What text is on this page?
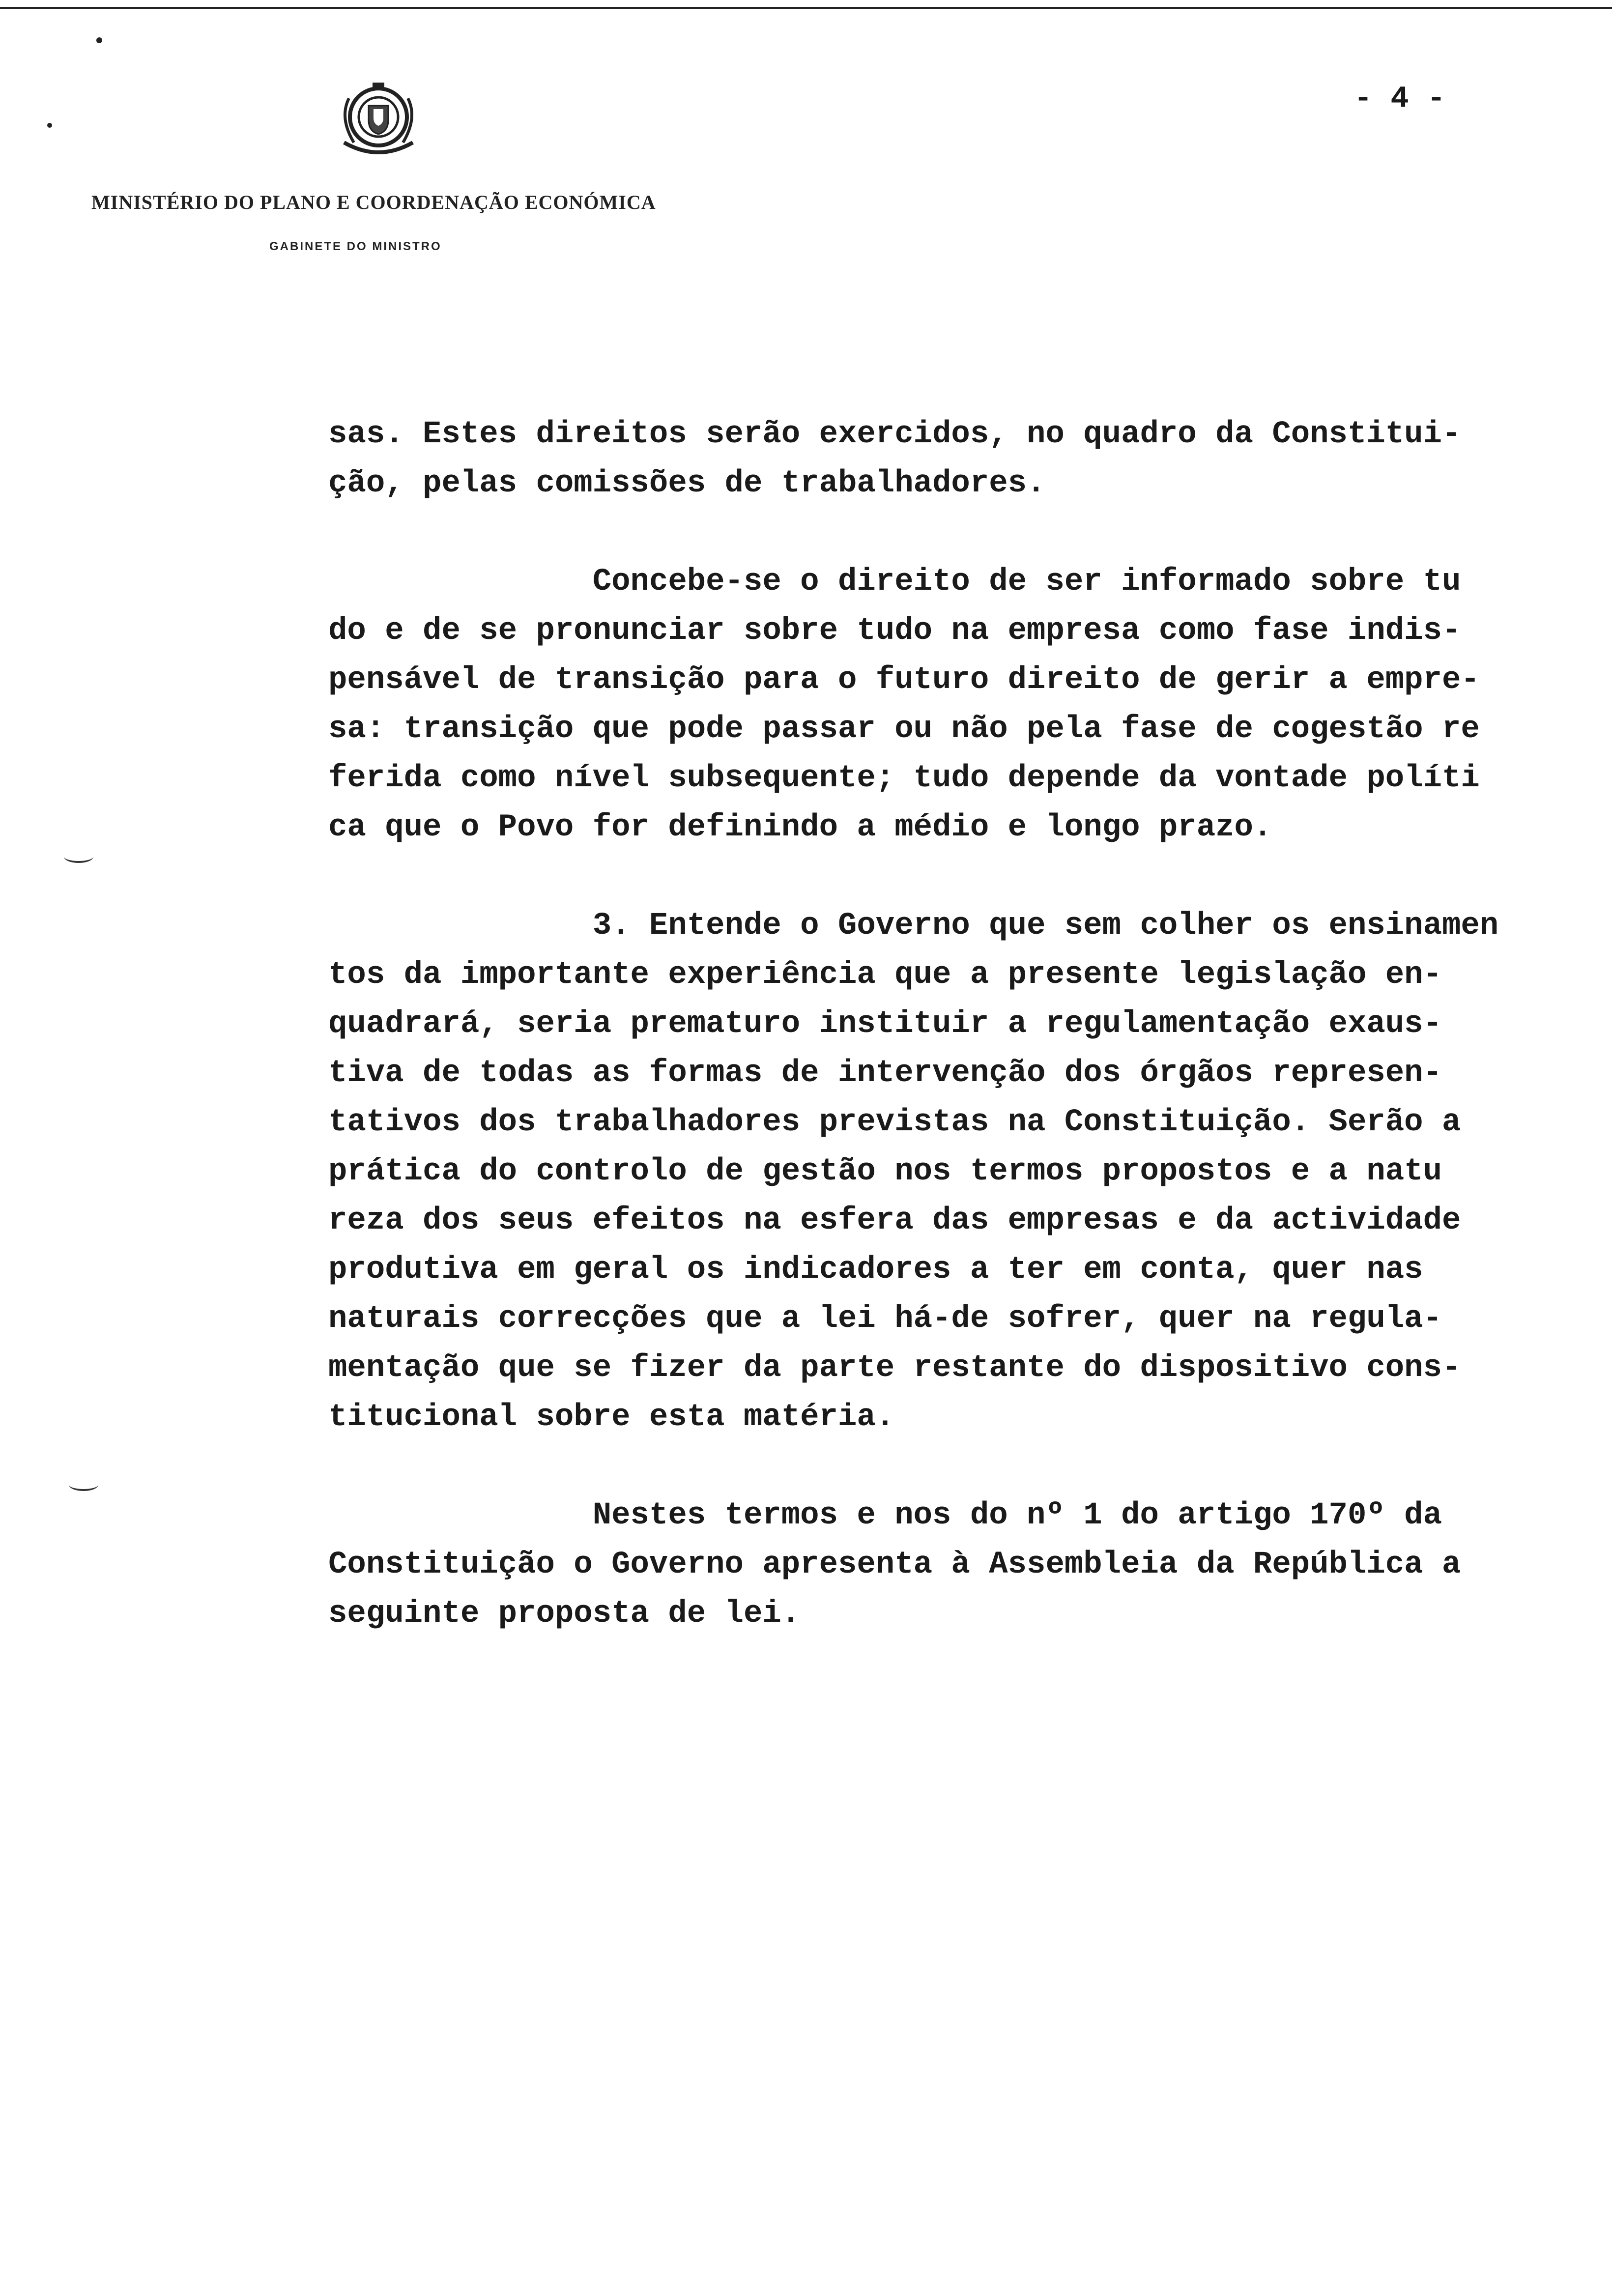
MINISTÉRIO DO PLANO E COORDENAÇÃO ECONÓMICA
GABINETE DO MINISTRO
- 4 -
sas. Estes direitos serão exercidos, no quadro da Constitui-
ção, pelas comissões de trabalhadores.
Concebe-se o direito de ser informado sobre tu
do e de se pronunciar sobre tudo na empresa como fase indis-
pensável de transição para o futuro direito de gerir a empre-
sa: transição que pode passar ou não pela fase de cogestão re
ferida como nível subsequente; tudo depende da vontade políti
ca que o Povo for definindo a médio e longo prazo.
3. Entende o Governo que sem colher os ensinamen
tos da importante experiência que a presente legislação en-
quadrará, seria prematuro instituir a regulamentação exaus-
tiva de todas as formas de intervenção dos órgãos represen-
tativos dos trabalhadores previstas na Constituição. Serão a
prática do controlo de gestão nos termos propostos e a natu
reza dos seus efeitos na esfera das empresas e da actividade
produtiva em geral os indicadores a ter em conta, quer nas
naturais correcções que a lei há-de sofrer, quer na regula-
mentação que se fizer da parte restante do dispositivo cons-
titucional sobre esta matéria.
Nestes termos e nos do nº 1 do artigo 170º da
Constituição o Governo apresenta à Assembleia da República a
seguinte proposta de lei.
